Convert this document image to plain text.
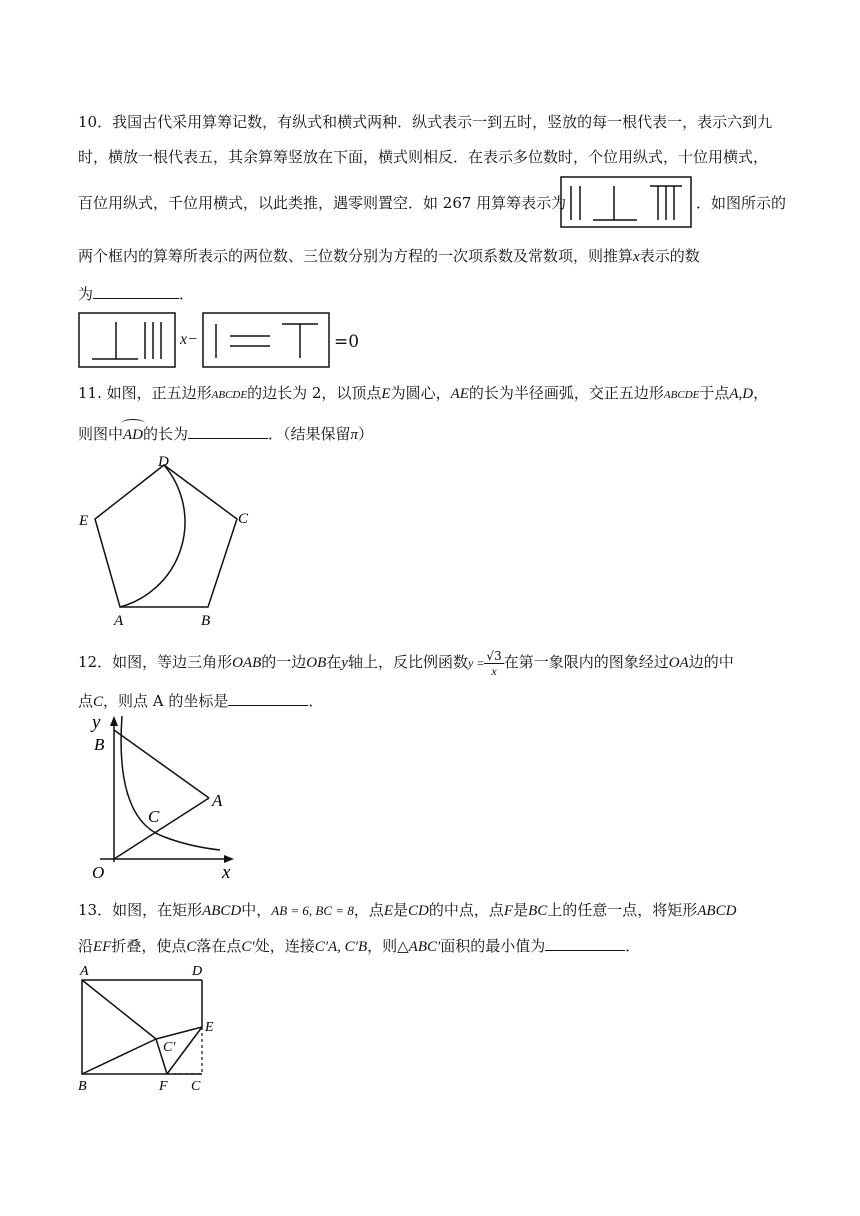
10．我国古代采用算筹记数，有纵式和横式两种．纵式表示一到五时，竖放的每一根代表一，表示六到九
时，横放一根代表五，其余算筹竖放在下面，横式则相反．在表示多位数时，个位用纵式，十位用横式，
百位用纵式，千位用横式，以此类推，遇零则置空．如 267 用算筹表示为	．如图所示的
两个框内的算筹所表示的两位数、三位数分别为方程的一次项系数及常数项，则推算x表示的数
为	．
x−	=0
11. 如图，正五边形ABCDE的边长为 2，以顶点E为圆心，AE的长为半径画弧，交正五边形ABCDE于点A,D，
则图中AD的长为	．（结果保留π）
D
E	C
A	B
12．如图，等边三角形OAB的一边OB在y轴上，反比例函数$y = \frac{√3}{x}$ 在第一象限内的图象经过OA边的中
点C，则点 A 的坐标是	．
y
B
A
C
O	x
13．如图，在矩形ABCD中，AB = 6, BC = 8，点E是CD的中点，点F是BC上的任意一点，将矩形ABCD
沿EF折叠，使点C落在点C′处，连接C′A, C′B，则△ABC′面积的最小值为	．
A	D
E
C′
B	F C
